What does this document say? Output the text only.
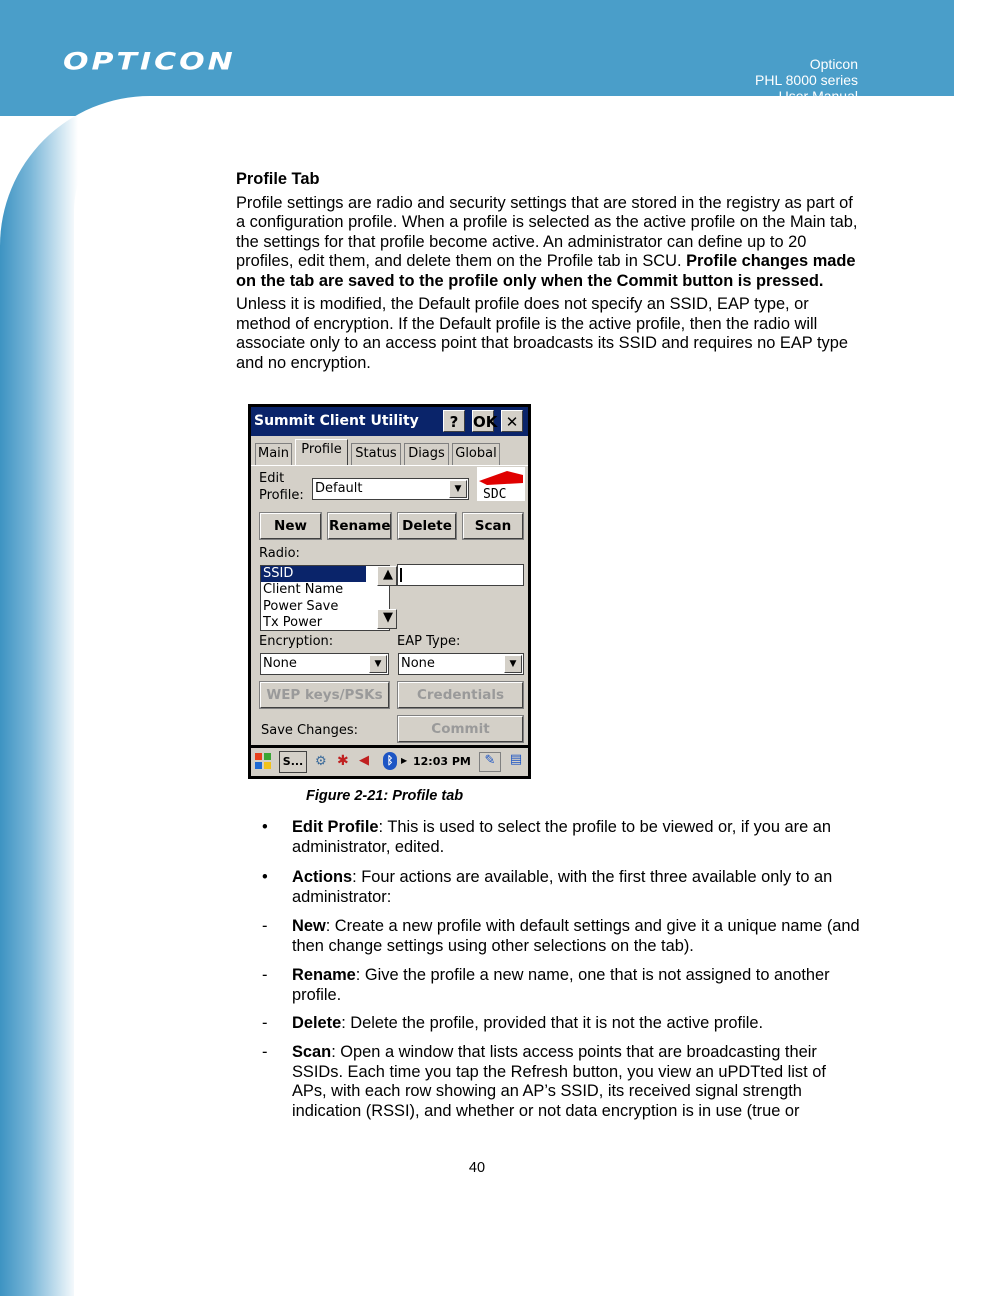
OPTICON	Opticon
PHL 8000 series
User Manual
Profile Tab
Profile settings are radio and security settings that are stored in the registry as part of a configuration profile. When a profile is selected as the active profile on the Main tab, the settings for that profile become active. An administrator can define up to 20 profiles, edit them, and delete them on the Profile tab in SCU. Profile changes made on the tab are saved to the profile only when the Commit button is pressed.
Unless it is modified, the Default profile does not specify an SSID, EAP type, or method of encryption. If the Default profile is the active profile, then the radio will associate only to an access point that broadcasts its SSID and requires no EAP type and no encryption.
Summit Client Utility	? OK ✕
Main Profile	Status Diags Global
Edit
Profile: Default	▼	SDC
New	Rename Delete	Scan
Radio:
SSID
Client Name
Power Save
Tx Power
▲
▼
Encryption:	EAP Type:
None	▼	None	▼
WEP keys/PSKs	Credentials
Save Changes:	Commit
S... ⚙ ✱ ◀	ᛒ ▶ 12:03 PM	✎	▤
Figure 2-21: Profile tab
• Edit Profile: This is used to select the profile to be viewed or, if you are an administrator, edited.
• Actions: Four actions are available, with the first three available only to an administrator:
- New: Create a new profile with default settings and give it a unique name (and then change settings using other selections on the tab).
- Rename: Give the profile a new name, one that is not assigned to another profile.
- Delete: Delete the profile, provided that it is not the active profile.
- Scan: Open a window that lists access points that are broadcasting their SSIDs. Each time you tap the Refresh button, you view an uPDTted list of APs, with each row showing an AP’s SSID, its received signal strength indication (RSSI), and whether or not data encryption is in use (true or
40
